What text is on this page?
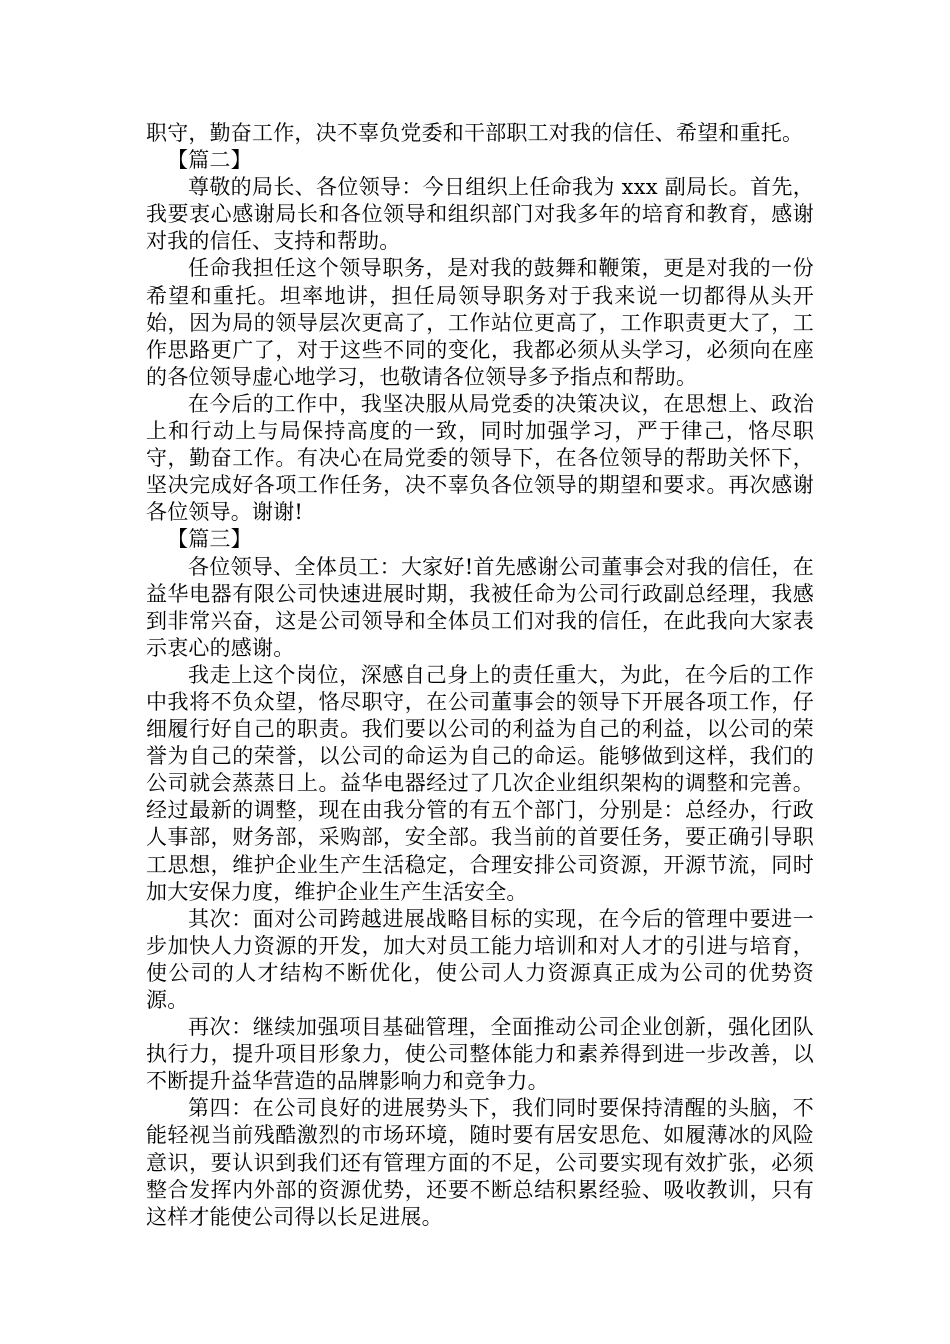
职守，勤奋工作，决不辜负党委和干部职工对我的信任、希望和重托。

【篇二】

尊敬的局长、各位领导：今日组织上任命我为 xxx 副局长。首先，我要衷心感谢局长和各位领导和组织部门对我多年的培育和教育，感谢对我的信任、支持和帮助。

任命我担任这个领导职务，是对我的鼓舞和鞭策，更是对我的一份希望和重托。坦率地讲，担任局领导职务对于我来说一切都得从头开始，因为局的领导层次更高了，工作站位更高了，工作职责更大了，工作思路更广了，对于这些不同的变化，我都必须从头学习，必须向在座的各位领导虚心地学习，也敬请各位领导多予指点和帮助。

在今后的工作中，我坚决服从局党委的决策决议，在思想上、政治上和行动上与局保持高度的一致，同时加强学习，严于律己，恪尽职守，勤奋工作。有决心在局党委的领导下，在各位领导的帮助关怀下，坚决完成好各项工作任务，决不辜负各位领导的期望和要求。再次感谢各位领导。谢谢!

【篇三】

各位领导、全体员工：大家好!首先感谢公司董事会对我的信任，在益华电器有限公司快速进展时期，我被任命为公司行政副总经理，我感到非常兴奋，这是公司领导和全体员工们对我的信任，在此我向大家表示衷心的感谢。

我走上这个岗位，深感自己身上的责任重大，为此，在今后的工作中我将不负众望，恪尽职守，在公司董事会的领导下开展各项工作，仔细履行好自己的职责。我们要以公司的利益为自己的利益，以公司的荣誉为自己的荣誉，以公司的命运为自己的命运。能够做到这样，我们的公司就会蒸蒸日上。益华电器经过了几次企业组织架构的调整和完善。经过最新的调整，现在由我分管的有五个部门，分别是：总经办，行政人事部，财务部，采购部，安全部。我当前的首要任务，要正确引导职工思想，维护企业生产生活稳定，合理安排公司资源，开源节流，同时加大安保力度，维护企业生产生活安全。

其次：面对公司跨越进展战略目标的实现，在今后的管理中要进一步加快人力资源的开发，加大对员工能力培训和对人才的引进与培育，使公司的人才结构不断优化，使公司人力资源真正成为公司的优势资源。

再次：继续加强项目基础管理，全面推动公司企业创新，强化团队执行力，提升项目形象力，使公司整体能力和素养得到进一步改善，以不断提升益华营造的品牌影响力和竞争力。

第四：在公司良好的进展势头下，我们同时要保持清醒的头脑，不能轻视当前残酷激烈的市场环境，随时要有居安思危、如履薄冰的风险意识，要认识到我们还有管理方面的不足，公司要实现有效扩张，必须整合发挥内外部的资源优势，还要不断总结积累经验、吸收教训，只有这样才能使公司得以长足进展。
